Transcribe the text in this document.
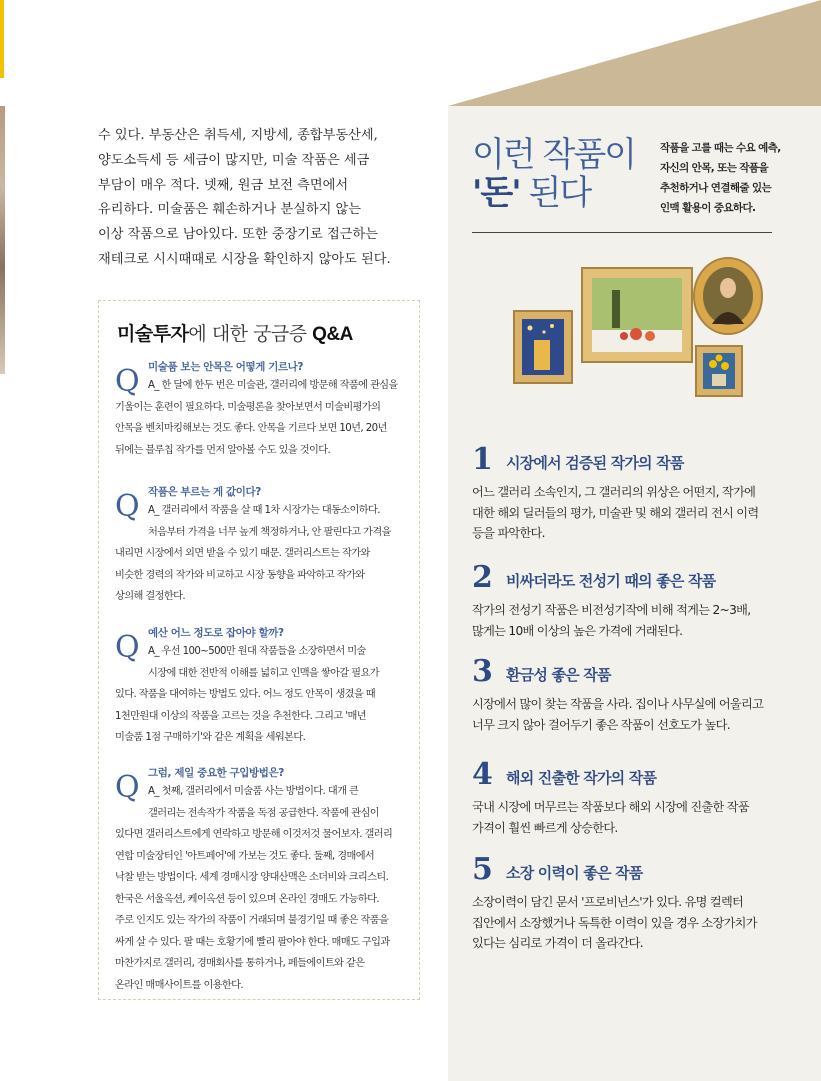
수 있다. 부동산은 취득세, 지방세, 종합부동산세,
양도소득세 등 세금이 많지만, 미술 작품은 세금
부담이 매우 적다. 넷째, 원금 보전 측면에서
유리하다. 미술품은 훼손하거나 분실하지 않는
이상 작품으로 남아있다. 또한 중장기로 접근하는
재테크로 시시때때로 시장을 확인하지 않아도 된다.
미술투자에 대한 궁금증 Q&A
Q 미술품 보는 안목은 어떻게 기르나?
A_ 한 달에 한두 번은 미술관, 갤러리에 방문해 작품에 관심을
기울이는 훈련이 필요하다. 미술평론을 찾아보면서 미술비평가의
안목을 벤치마킹해보는 것도 좋다. 안목을 기르다 보면 10년, 20년
뒤에는 블루칩 작가를 먼저 알아볼 수도 있을 것이다.
Q 작품은 부르는 게 값이다?
A_ 갤러리에서 작품을 살 때 1차 시장가는 대동소이하다.
처음부터 가격을 너무 높게 책정하거나, 안 팔린다고 가격을
내리면 시장에서 외면 받을 수 있기 때문. 갤러리스트는 작가와
비슷한 경력의 작가와 비교하고 시장 동향을 파악하고 작가와
상의해 결정한다.
Q 예산 어느 정도로 잡아야 할까?
A_ 우선 100~500만 원대 작품들을 소장하면서 미술
시장에 대한 전반적 이해를 넓히고 인맥을 쌓아갈 필요가
있다. 작품을 대여하는 방법도 있다. 어느 정도 안목이 생겼을 때
1천만원대 이상의 작품을 고르는 것을 추천한다. 그리고 '매년
미술품 1점 구매하기'와 같은 계획을 세워본다.
Q 그럼, 제일 중요한 구입방법은?
A_ 첫째, 갤러리에서 미술품 사는 방법이다. 대개 큰
갤러리는 전속작가 작품을 독점 공급한다. 작품에 관심이
있다면 갤러리스트에게 연락하고 방문해 이것저것 물어보자. 갤러리
연합 미술장터인 '아트페어'에 가보는 것도 좋다. 둘째, 경매에서
낙찰 받는 방법이다. 세계 경매시장 양대산맥은 소더비와 크리스티.
한국은 서울옥션, 케이옥션 등이 있으며 온라인 경매도 가능하다.
주로 인지도 있는 작가의 작품이 거래되며 불경기일 때 좋은 작품을
싸게 살 수 있다. 팔 때는 호황기에 빨리 팔아야 한다. 매매도 구입과
마찬가지로 갤러리, 경매회사를 통하거나, 페들에이트와 같은
온라인 매매사이트를 이용한다.
이런 작품이
'돈' 된다
작품을 고를 때는 수요 예측,
자신의 안목, 또는 작품을
추천하거나 연결해줄 있는
인맥 활용이 중요하다.
1 시장에서 검증된 작가의 작품
어느 갤러리 소속인지, 그 갤러리의 위상은 어떤지, 작가에
대한 해외 딜러들의 평가, 미술관 및 해외 갤러리 전시 이력
등을 파악한다.
2 비싸더라도 전성기 때의 좋은 작품
작가의 전성기 작품은 비전성기작에 비해 적게는 2~3배,
많게는 10배 이상의 높은 가격에 거래된다.
3 환금성 좋은 작품
시장에서 많이 찾는 작품을 사라. 집이나 사무실에 어울리고
너무 크지 않아 걸어두기 좋은 작품이 선호도가 높다.
4 해외 진출한 작가의 작품
국내 시장에 머무르는 작품보다 해외 시장에 진출한 작품
가격이 훨씬 빠르게 상승한다.
5 소장 이력이 좋은 작품
소장이력이 담긴 문서 '프로비넌스'가 있다. 유명 컬렉터
집안에서 소장했거나 독특한 이력이 있을 경우 소장가치가
있다는 심리로 가격이 더 올라간다.
